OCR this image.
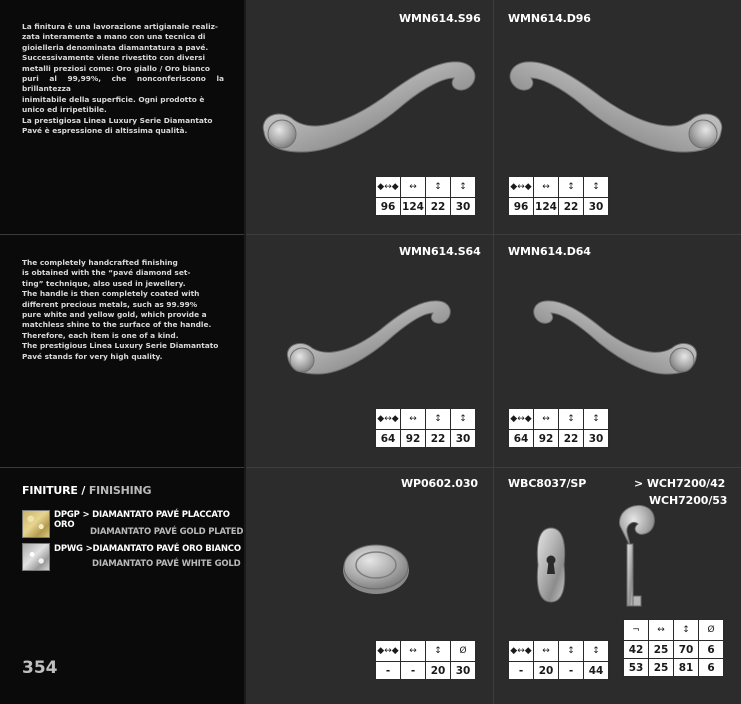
La finitura è una lavorazione artigianale realiz-
zata interamente a mano con una tecnica di
gioielleria denominata diamantatura a pavé.
Successivamente viene rivestito con diversi
metalli preziosi come: Oro giallo / Oro bianco
puri al 99,99%, che nonconferiscono la brillantezza
inimitabile della superficie. Ogni prodotto è
unico ed irripetibile.
La prestigiosa Linea Luxury Serie Diamantato
Pavé è espressione di altissima qualità.
The completely handcrafted finishing
is obtained with the “pavé diamond set-
ting” technique, also used in jewellery.
The handle is then completely coated with
different precious metals, such as 99.99%
pure white and yellow gold, which provide a
matchless shine to the surface of the handle.
Therefore, each item is one of a kind.
The prestigious Linea Luxury Serie Diamantato
Pavé stands for very high quality.
FINITURE / FINISHING
DPGP > DIAMANTATO PAVÉ PLACCATO ORO
DIAMANTATO PAVÉ GOLD PLATED
DPWG >DIAMANTATO PAVÉ ORO BIANCO
DIAMANTATO PAVÉ WHITE GOLD
354
WMN614.S96
◆↔◆	↔	↕	↕
96	124	22	30
WMN614.D96
◆↔◆	↔	↕	↕
96	124	22	30
WMN614.S64
◆↔◆	↔	↕	↕
64	92	22	30
WMN614.D64
◆↔◆	↔	↕	↕
64	92	22	30
WP0602.030
◆↔◆	↔	↕	Ø
-	-	20	30
WBC8037/SP
◆↔◆	↔	↕	↕
-	20	-	44
> WCH7200/42
WCH7200/53
¬	↔	↕	Ø
42	25	70	6
53	25	81	6
